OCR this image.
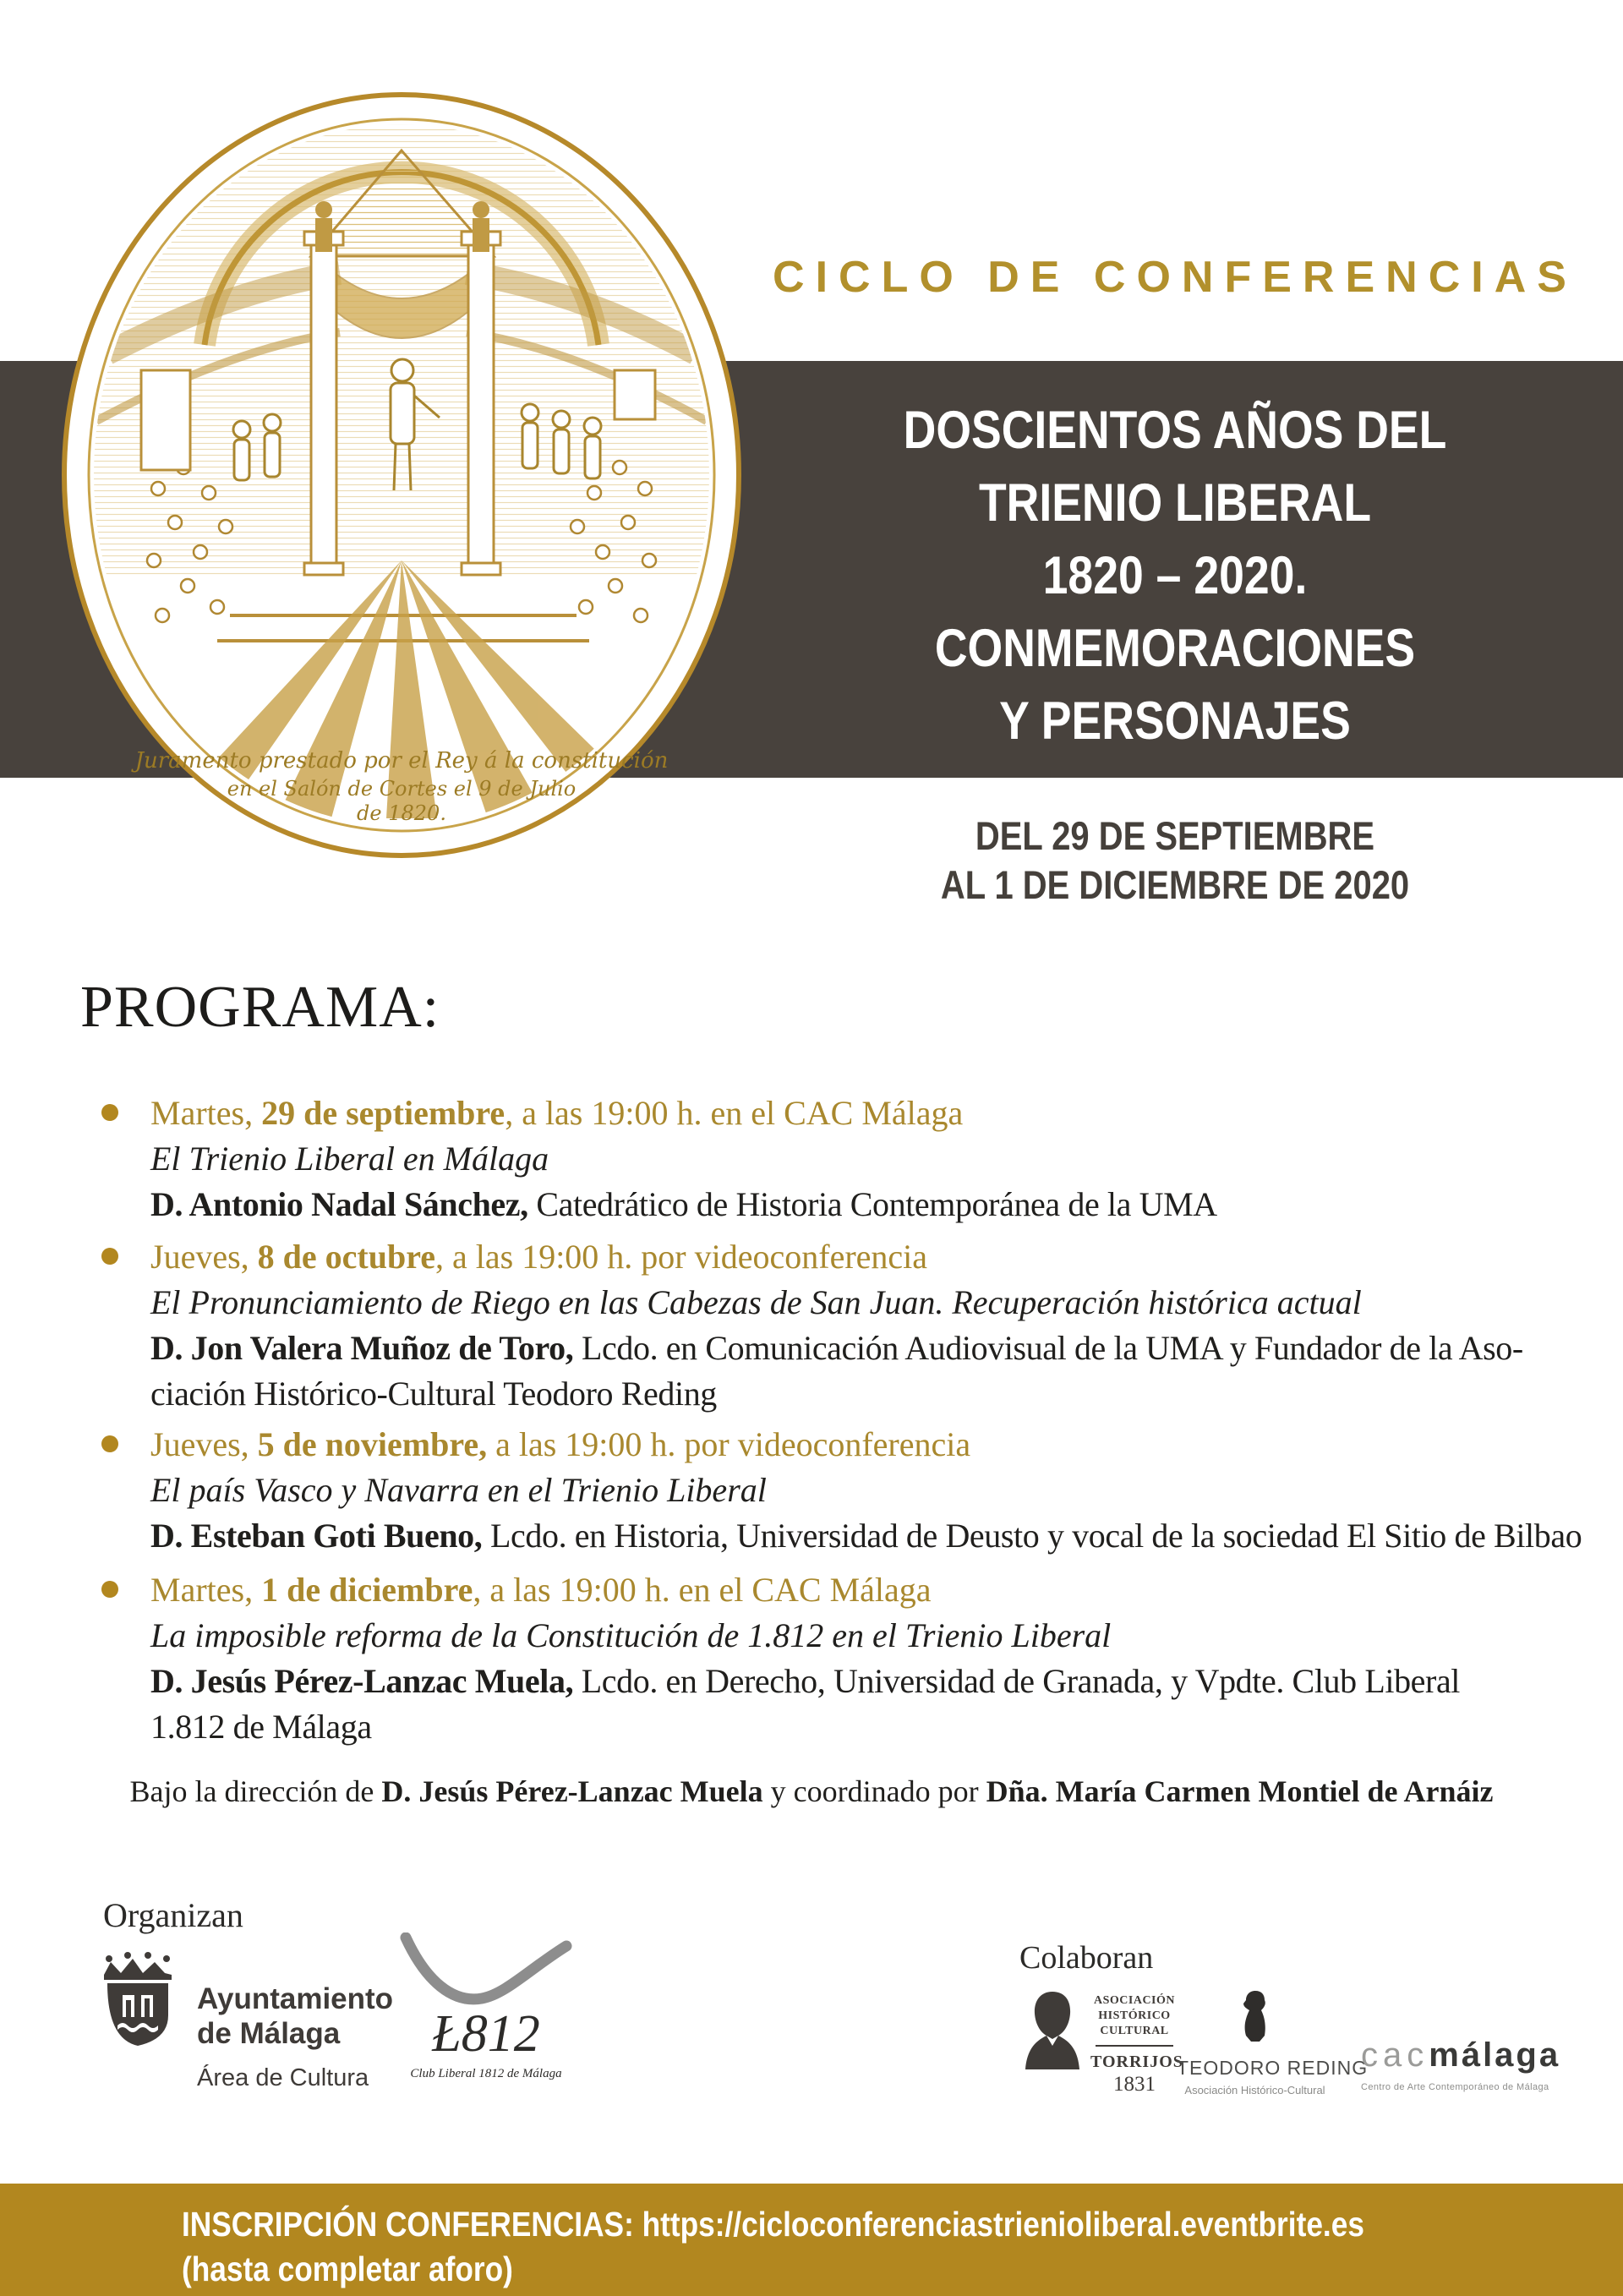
Juramento prestado por el Rey á la constitución
en el Salón de Cortes el 9 de Julio
de 1820.
CICLO DE CONFERENCIAS
DOSCIENTOS AÑOS DEL
TRIENIO LIBERAL
1820 – 2020.
CONMEMORACIONES
Y PERSONAJES
DEL 29 DE SEPTIEMBRE
AL 1 DE DICIEMBRE DE 2020
PROGRAMA:
Martes, 29 de septiembre, a las 19:00 h. en el CAC Málaga
El Trienio Liberal en Málaga
D. Antonio Nadal Sánchez, Catedrático de Historia Contemporánea de la UMA
Jueves, 8 de octubre, a las 19:00 h. por videoconferencia
El Pronunciamiento de Riego en las Cabezas de San Juan. Recuperación histórica actual
D. Jon Valera Muñoz de Toro, Lcdo. en Comunicación Audiovisual de la UMA y Fundador de la Aso-
ciación Histórico-Cultural Teodoro Reding
Jueves, 5 de noviembre, a las 19:00 h. por videoconferencia
El país Vasco y Navarra en el Trienio Liberal
D. Esteban Goti Bueno, Lcdo. en Historia, Universidad de Deusto y vocal de la sociedad El Sitio de Bilbao
Martes, 1 de diciembre, a las 19:00 h. en el CAC Málaga
La imposible reforma de la Constitución de 1.812 en el Trienio Liberal
D. Jesús Pérez-Lanzac Muela, Lcdo. en Derecho, Universidad de Granada, y Vpdte. Club Liberal
1.812 de Málaga
Bajo la dirección de D. Jesús Pérez-Lanzac Muela y coordinado por Dña. María Carmen Montiel de Arnáiz
Organizan
Ayuntamiento
de Málaga
Área de Cultura
Ł812
Club Liberal 1812 de Málaga
Colaboran
ASOCIACIÓN
HISTÓRICO
CULTURAL
TORRIJOS
1831
TEODORO REDING
Asociación Histórico-Cultural
cacmálaga
Centro de Arte Contemporáneo de Málaga
INSCRIPCIÓN CONFERENCIAS: https://cicloconferenciastrienioliberal.eventbrite.es
(hasta completar aforo)
